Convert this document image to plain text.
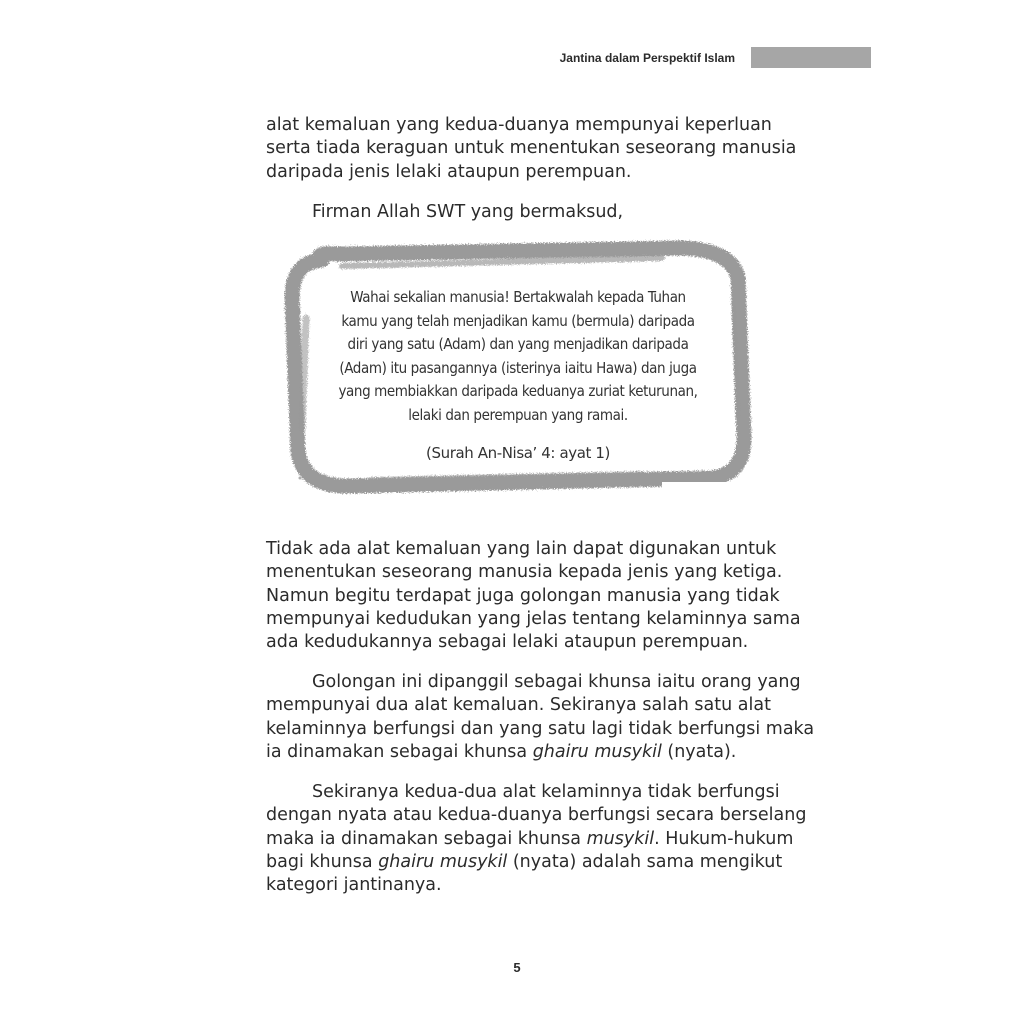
Jantina dalam Perspektif Islam

alat kemaluan yang kedua-duanya mempunyai keperluan
serta tiada keraguan untuk menentukan seseorang manusia
daripada jenis lelaki ataupun perempuan.

Firman Allah SWT yang bermaksud,

Wahai sekalian manusia! Bertakwalah kepada Tuhan
kamu yang telah menjadikan kamu (bermula) daripada
diri yang satu (Adam) dan yang menjadikan daripada
(Adam) itu pasangannya (isterinya iaitu Hawa) dan juga
yang membiakkan daripada keduanya zuriat keturunan,
lelaki dan perempuan yang ramai.
(Surah An-Nisa’ 4: ayat 1)

Tidak ada alat kemaluan yang lain dapat digunakan untuk
menentukan seseorang manusia kepada jenis yang ketiga.
Namun begitu terdapat juga golongan manusia yang tidak
mempunyai kedudukan yang jelas tentang kelaminnya sama
ada kedudukannya sebagai lelaki ataupun perempuan.

Golongan ini dipanggil sebagai khunsa iaitu orang yang
mempunyai dua alat kemaluan. Sekiranya salah satu alat
kelaminnya berfungsi dan yang satu lagi tidak berfungsi maka
ia dinamakan sebagai khunsa ghairu musykil (nyata).

Sekiranya kedua-dua alat kelaminnya tidak berfungsi
dengan nyata atau kedua-duanya berfungsi secara berselang
maka ia dinamakan sebagai khunsa musykil. Hukum-hukum
bagi khunsa ghairu musykil (nyata) adalah sama mengikut
kategori jantinanya.

5
